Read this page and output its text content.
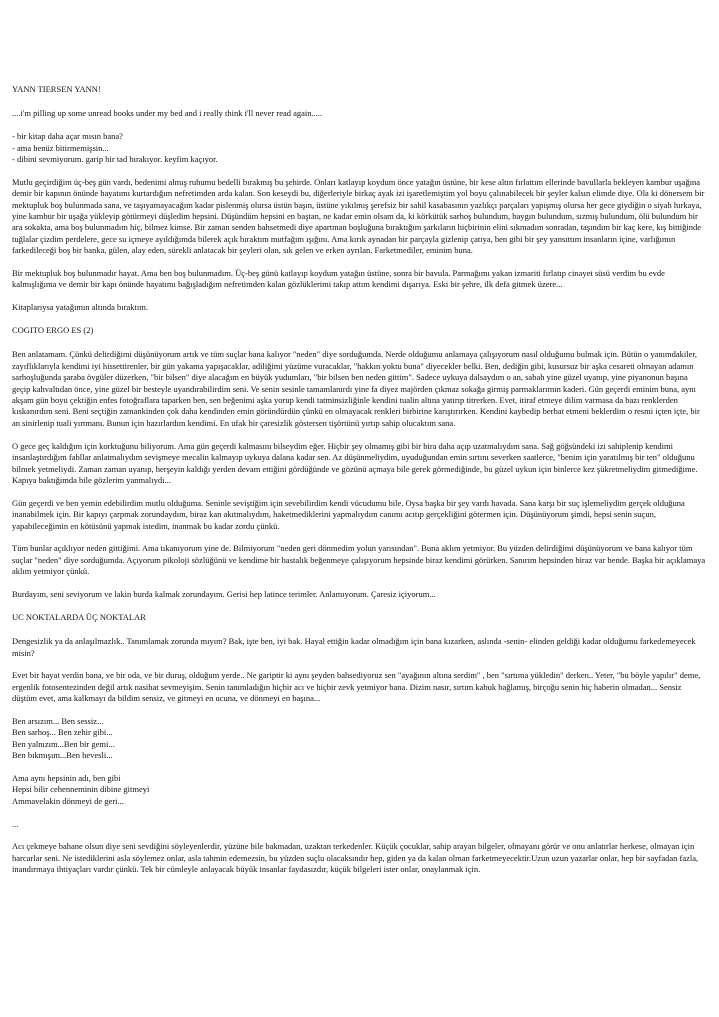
YANN TIERSEN YANN!

....i'm pilling up some unread books under my bed and i really think i'll never read again.....

- bir kitap daha açar mısın bana?
- ama henüz bitirmemişsin...
- dibini sevmiyorum. garip bir tad bırakıyor. keyfim kaçıyor.

Mutlu geçirdiğim üç-beş gün vardı, bedenimi almış ruhumu bedelli bırakmış bu şehirde. Onları katlayıp koydum önce yatağın üstüne, bir kese altın fırlattım ellerinde bavullarla bekleyen kambur uşağına demir bir kapının önünde hayatımı kurtardığım nefretimden arda kalan. Son keseydi bu, diğerleriyle birkaç ayak izi işaretlemiştim yol boyu çalınabilecek bir şeyler kalsın elimde diye. Ola ki dönersem bir mektupluk boş bulunmada sana, ve taşıyamayacağım kadar pislenmiş olursa üstün başın, üstüne yıkılmış şerefsiz bir sahil kasabasının yazlıkçı parçaları yapışmış olursa her gece giydiğin o siyah hırkaya, yine kambur bir uşağa yükleyip götürmeyi düşledim hepsini. Düşündüm hepsini en baştan, ne kadar emin olsam da, ki körkütük sarhoş bulundum, baygın bulundum, sızmış bulundum, ölü bulundum bir ara sokakta, ama boş bulunmadım hiç, bilmez kimse. Bir zaman senden bahsetmedi diye apartman boşluğuna bıraktığım şarkıların hiçbirinin elini sıkmadım sonradan, taşındım bir kaç kere, kış bittiğinde tuğlalar çizdim perdelere, gece su içmeye ayıldığımda bilerek açık bıraktım mutfağım ışığını. Ama kırık aynadan bir parçayla gizlenip çatıya, ben gibi bir şey yansıttım insanların içine, varlığımın farkedileceği boş bir banka, gülen, alay eden, sürekli anlatacak bir şeyleri olan, sık gelen ve erken ayrılan. Farketmediler, eminim buna.

Bir mektupluk boş bulunmadır hayat. Ama ben boş bulunmadım. Üç-beş günü katlayıp koydum yatağın üstüne, sonra bir bavula. Parmağımı yakan izmariti fırlatıp cinayet süsü verdim bu evde kalmışlığıma ve demir bir kapı önünde hayatımı bağışladığım nefretimden kalan gözlüklerimi takıp attım kendimi dışarıya. Eski bir şehre, ilk defa gitmek üzere...

Kitaplarıysa yatağımın altında bıraktım.

COGITO ERGO ES (2)

Ben anlatamam. Çünkü delirdiğimi düşünüyorum artık ve tüm suçlar bana kalıyor "neden" diye sorduğumda. Nerde olduğumu anlamaya çalışıyorum nasıl olduğumu bulmak için. Bütün o yanımdakiler, zayıflıklarıyla kendimi iyi hissettirenler, bir gün yakama yapışacaklar, adiliğimi yüzüme vuracaklar, "hakkın yoktu buna" diyecekler belki. Ben, dediğin gibi, kusursuz bir aşka cesareti olmayan adamın sarhoşluğunda şaraba övgüler düzerken, "bir bilsen" diye alacağım en büyük yudumları, "bir bilsen ben neden gittim". Sadece uykuya dalsaydım o an, sabah yine güzel uyanıp, yine piyanonun başına geçip kahvaltıdan önce, yine güzel bir besteyle uyandırabilirdim seni. Ve senin sesinle tamamlanırdı yine fa diyez majörden çıkmaz sokağa girmiş parmaklarımın kaderi. Gün geçerdi eminim buna, aynı akşam gün boyu çektiğin enfes fotoğraflara taparken ben, sen beğenimi aşka yorup kendi tatminsizliğinle kendini tualin altına yatırıp titrerken. Evet, itiraf etmeye dilim varmasa da bazı renklerden kıskanırdım seni. Beni seçtiğin zamankinden çok daha kendinden emin göründürdün çünkü en olmayacak renkleri birbirine karıştırırken. Kendini kaybedip berbat etmeni beklerdim o resmi içten içte, bir an sinirlenip tuali yırtmanı. Bunun için hazırlardım kendimi. En ufak bir çaresizlik göstersen tişörtünü yırtıp sahip olucaktım sana.

O gece geç kaldığım için korktuğunu biliyorum. Ama gün geçerdi kalmasını bilseydim eğer. Hiçbir şey olmamış gibi bir bira daha açıp uzatmalıydım sana. Sağ göğsündeki izi sahiplenip kendimi insanlaştırdığım fabllar anlatmalıydım sevişmeye mecalin kalmayıp uykuya dalana kadar sen. Az düşünmeliydim, uyuduğundan emin sırtını severken saatlerce, "benim için yaratılmış bir ten" olduğunu bilmek yetmeliydi. Zaman zaman uyanıp, herşeyin kaldığı yerden devam ettiğini gördüğünde ve gözünü açmaya bile gerek görmediğinde, bu güzel uykun için binlerce kez şükretmeliydim gitmediğime. Kapıya baktığımda bile gözlerim yanmalıydı...

Gün geçerdi ve ben yemin edebilirdim mutlu olduğuma. Seninle seviştiğim için sevebilirdim kendi vücudumu bile. Oysa başka bir şey vardı havada. Sana karşı bir suç işlemeliydim gerçek olduğuna inanabilmek için. Bir kapıyı çarpmak zorundaydım, biraz kan akıtmalıydım, haketmediklerini yapmalıydım canımı acıtıp gerçekliğini götermen için. Düşünüyorum şimdi, hepsi senin suçun, yapabileceğimin en kötüsünü yapmak istedim, inanmak bu kadar zordu çünkü.

Tüm bunlar açıklıyor neden gittiğimi. Ama tıkanıyorum yine de. Bilmiyorum "neden geri dönmedim yolun yarısından". Buna aklım yetmiyor. Bu yüzden delirdiğimi düşünüyorum ve bana kalıyor tüm suçlar "neden" diye sorduğumda. Açıyorum pikoloji sözlüğünü ve kendime bir hastalık beğenmeye çalışıyorum hepsinde biraz kendimi görürken. Sanırım hepsinden biraz var bende. Başka bir açıklamaya aklım yetmiyor çünkü.

Burdayım, seni seviyorum ve lakin burda kalmak zorundayım. Gerisi hep latince terimler. Anlamıyorum. Çaresiz içiyorum...

UC NOKTALARDA ÜÇ NOKTALAR

Dengesizlik ya da anlaşılmazlık.. Tanımlamak zorunda mıyım? Bak, işte ben, iyi bak. Hayal ettiğin kadar olmadığım için bana kızarken, aslında -senin- elinden geldiği kadar olduğumu farkedemeyecek misin?

Evet bir hayat verdin bana, ve bir oda, ve bir duruş, olduğum yerde.. Ne gariptir ki aynı şeyden bahsediyoruz sen "ayağının altına serdim" , ben "sırtıma yükledin" derken.. Yeter, "bu böyle yapılır" deme, ergenlik fotosentezinden değil artık nasihat sevmeyişim. Senin tanımladığın hiçbir acı ve hiçbir zevk yetmiyor bana. Dizim nasır, sırtım kabuk bağlamış, birçoğu senin hiç haberin olmadan... Sensiz düştüm evet, ama kalkmayı da bildim sensiz, ve gitmeyi en ucuna, ve dönmeyi en başına...

Ben arsızım... Ben sessiz...
Ben sarhoş... Ben zehir gibi...
Ben yalnızım...Ben bir gemi...
Ben bıkmışım...Ben hevesli...

Ama aynı hepsinin adı, ben gibi
Hepsi bilir cehenneminin dibine gitmeyi
Ammavelakin dönmeyi de geri...

...

Acı çekmeye bahane olsun diye seni sevdiğini söyleyenlerdir, yüzüne bile bakmadan, uzaktan terkedenler. Küçük çocuklar, sahip arayan bilgeler, olmayanı görür ve onu anlatırlar herkese, olmayan için harcarlar seni. Ne istediklerini asla söylemez onlar, asla tahmin edemezsin, bu yüzden suçlu olacaksındır hep, giden ya da kalan olman farketmeyecektir.Uzun uzun yazarlar onlar, hep bir sayfadan fazla, inandırmaya ihtiyaçları vardır çünkü. Tek bir cümleyle anlayacak büyük insanlar faydasızdır, küçük bilgeleri ister onlar, onaylanmak için.
